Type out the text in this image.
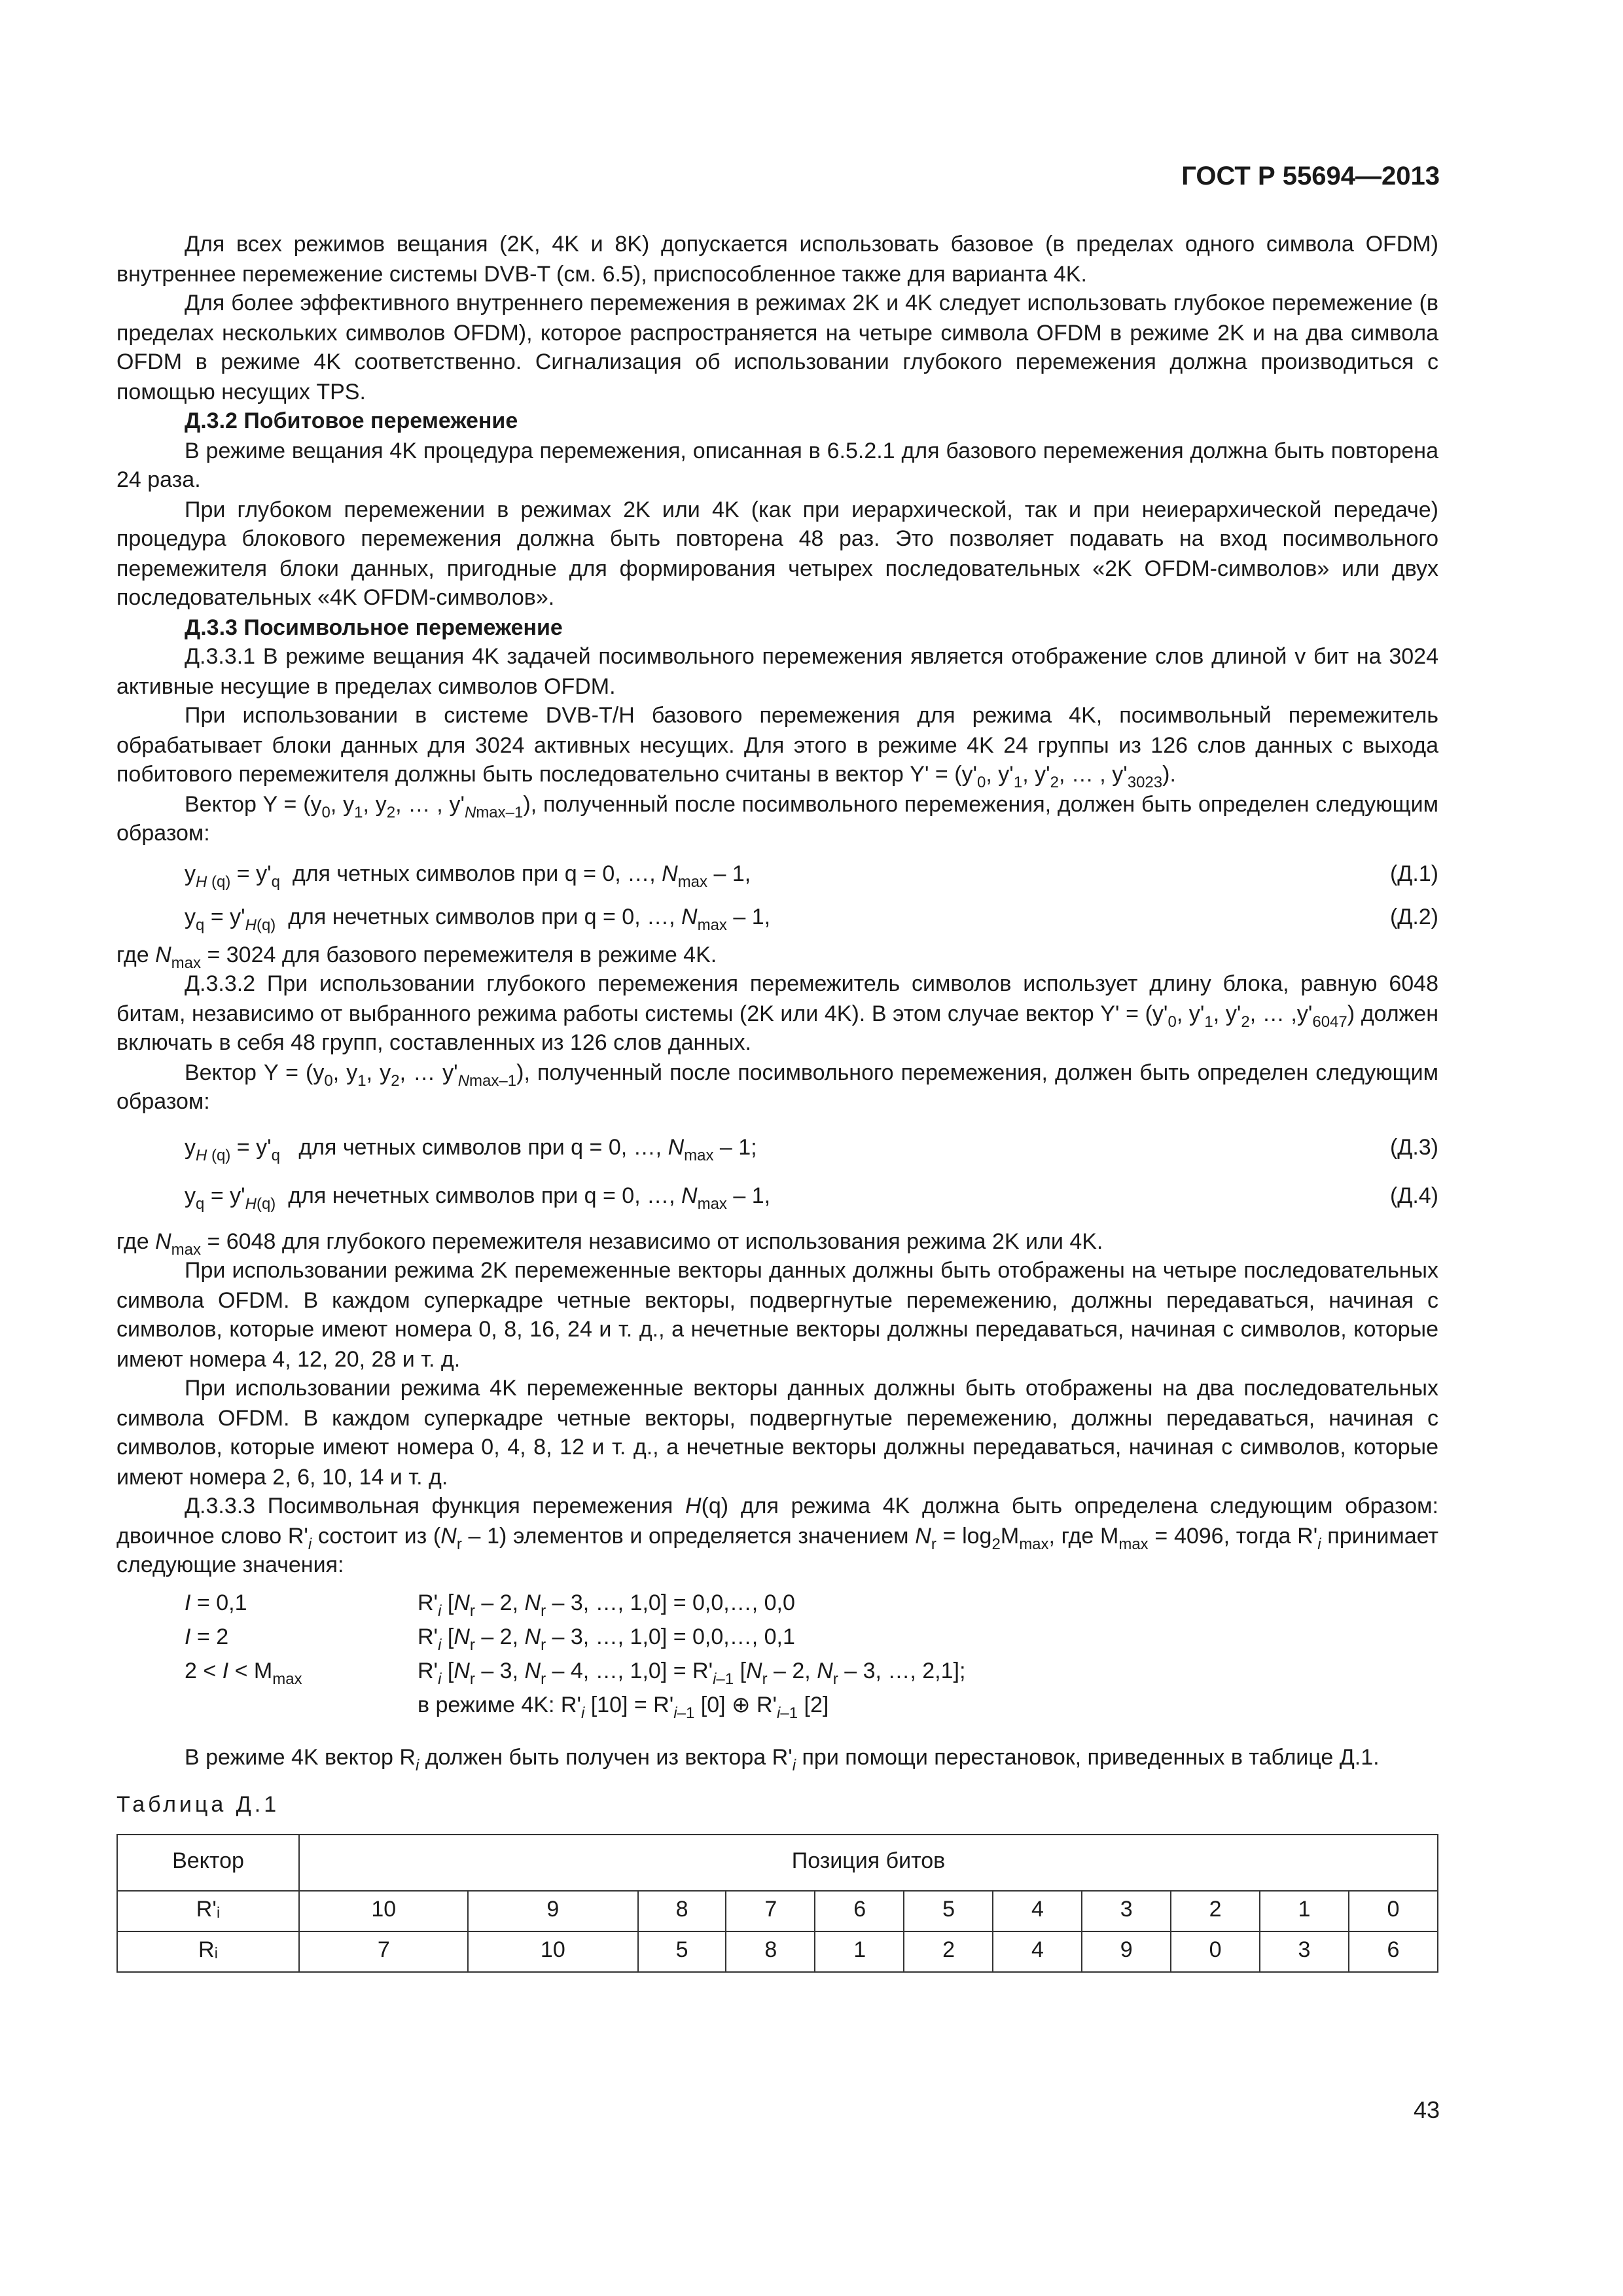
ГОСТ Р 55694—2013

Для всех режимов вещания (2K, 4K и 8K) допускается использовать базовое (в пределах одного символа OFDM) внутреннее перемежение системы DVB-T (см. 6.5), приспособленное также для варианта 4K.

Для более эффективного внутреннего перемежения в режимах 2K и 4K следует использовать глубокое перемежение (в пределах нескольких символов OFDM), которое распространяется на четыре символа OFDM в режиме 2K и на два символа OFDM в режиме 4K соответственно. Сигнализация об использовании глубокого перемежения должна производиться с помощью несущих TPS.

Д.3.2 Побитовое перемежение

В режиме вещания 4K процедура перемежения, описанная в 6.5.2.1 для базового перемежения должна быть повторена 24 раза.

При глубоком перемежении в режимах 2K или 4K (как при иерархической, так и при неиерархической передаче) процедура блокового перемежения должна быть повторена 48 раз. Это позволяет подавать на вход посимвольного перемежителя блоки данных, пригодные для формирования четырех последовательных «2K OFDM-символов» или двух последовательных «4K OFDM-символов».

Д.3.3 Посимвольное перемежение

Д.3.3.1 В режиме вещания 4K задачей посимвольного перемежения является отображение слов длиной v бит на 3024 активные несущие в пределах символов OFDM.

При использовании в системе DVB-T/H базового перемежения для режима 4K, посимвольный перемежитель обрабатывает блоки данных для 3024 активных несущих. Для этого в режиме 4K 24 группы из 126 слов данных с выхода побитового перемежителя должны быть последовательно считаны в вектор $Y' = (y'_0$, $y'_1$, $y'_2$, … , $y'_{3023}$).

Вектор $Y = (y_0$, $y_1$, $y_2$, … , $y'_{Nmax-1}$), полученный после посимвольного перемежения, должен быть определен следующим образом:

$y_{H (q)} = y'_q$ для четных символов при q = 0, …, $N_{max} - 1$,	(Д.1)
$y_q = y'_{H(q)}$ для нечетных символов при q = 0, …, $N_{max} - 1$,	(Д.2)

где $N_{max} = 3024$ для базового перемежителя в режиме 4K.

Д.3.3.2 При использовании глубокого перемежения перемежитель символов использует длину блока, равную 6048 битам, независимо от выбранного режима работы системы (2K или 4K). В этом случае вектор $Y' = (y'_0$, $y'_1$, $y'_2$, … $,y'_{6047}$) должен включать в себя 48 групп, составленных из 126 слов данных.

Вектор $Y = (y_0$, $y_1$, $y_2$, … $y'_{Nmax-1}$), полученный после посимвольного перемежения, должен быть определен следующим образом:

$y_{H (q)} = y'_q$ для четных символов при q = 0, …, $N_{max} - 1$;	(Д.3)
$y_q = y'_{H(q)}$ для нечетных символов при q = 0, …, $N_{max} - 1$,	(Д.4)

где $N_{max} = 6048$ для глубокого перемежителя независимо от использования режима 2K или 4K.

При использовании режима 2K перемеженные векторы данных должны быть отображены на четыре последовательных символа OFDM. В каждом суперкадре четные векторы, подвергнутые перемежению, должны передаваться, начиная с символов, которые имеют номера 0, 8, 16, 24 и т. д., а нечетные векторы должны передаваться, начиная с символов, которые имеют номера 4, 12, 20, 28 и т. д.

При использовании режима 4K перемеженные векторы данных должны быть отображены на два последовательных символа OFDM. В каждом суперкадре четные векторы, подвергнутые перемежению, должны передаваться, начиная с символов, которые имеют номера 0, 4, 8, 12 и т. д., а нечетные векторы должны передаваться, начиная с символов, которые имеют номера 2, 6, 10, 14 и т. д.

Д.3.3.3 Посимвольная функция перемежения H(q) для режима 4K должна быть определена следующим образом: двоичное слово $R'_i$ состоит из $(N_r - 1)$ элементов и определяется значением $N_r = \log_2M_{max}$, где $M_{max} = 4096$, тогда $R'_i$ принимает следующие значения:

I = 0,1	$R'_i$ [$N_r - 2$, $N_r - 3$, …, 1,0] = 0,0,…, 0,0
I = 2	$R'_i$ [$N_r - 2$, $N_r - 3$, …, 1,0] = 0,0,…, 0,1
$2 < I < M_{max}$	$R'_i$ [$N_r - 3$, $N_r - 4$, …, $1,0] = R'_{i-1}$ [$N_r - 2$, $N_r - 3$, …, 2,1];
в режиме 4K: $R'_i$ $[10] = R'_{i-1}$ [0] ⊕ $R'_{i-1}$ [2]

В режиме 4K вектор $R_i$ должен быть получен из вектора $R'_i$ при помощи перестановок, приведенных в таблице Д.1.

Таблица Д.1

Вектор	Позиция битов										
R'ᵢ	10	9	8	7	6	5	4	3	2	1	0
Rᵢ	7	10	5	8	1	2	4	9	0	3	6
43
